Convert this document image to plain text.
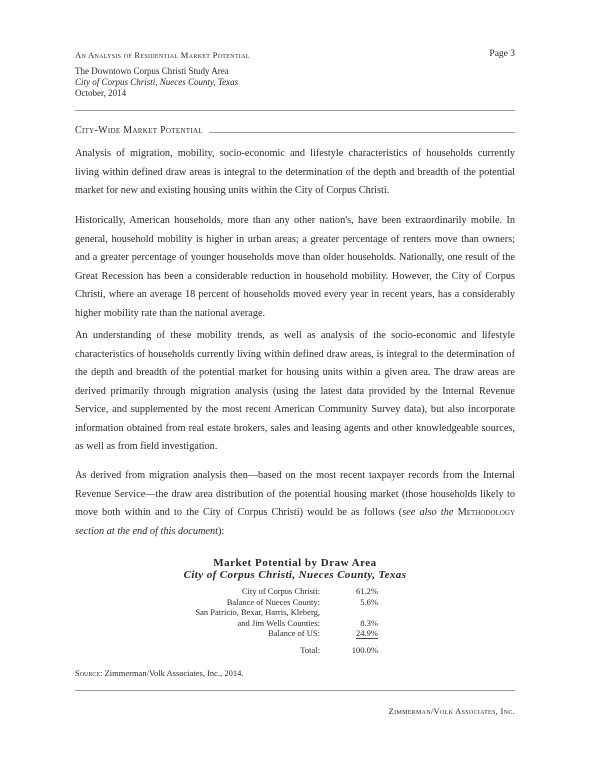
An Analysis of Residential Market Potential	Page 3
The Downtown Corpus Christi Study Area
City of Corpus Christi, Nueces County, Texas
October, 2014
City-Wide Market Potential
Analysis of migration, mobility, socio-economic and lifestyle characteristics of households currently living within defined draw areas is integral to the determination of the depth and breadth of the potential market for new and existing housing units within the City of Corpus Christi.
Historically, American households, more than any other nation's, have been extraordinarily mobile. In general, household mobility is higher in urban areas; a greater percentage of renters move than owners; and a greater percentage of younger households move than older households. Nationally, one result of the Great Recession has been a considerable reduction in household mobility. However, the City of Corpus Christi, where an average 18 percent of households moved every year in recent years, has a considerably higher mobility rate than the national average.
An understanding of these mobility trends, as well as analysis of the socio-economic and lifestyle characteristics of households currently living within defined draw areas, is integral to the determination of the depth and breadth of the potential market for housing units within a given area. The draw areas are derived primarily through migration analysis (using the latest data provided by the Internal Revenue Service, and supplemented by the most recent American Community Survey data), but also incorporate information obtained from real estate brokers, sales and leasing agents and other knowledgeable sources, as well as from field investigation.
As derived from migration analysis then—based on the most recent taxpayer records from the Internal Revenue Service—the draw area distribution of the potential housing market (those households likely to move both within and to the City of Corpus Christi) would be as follows (see also the Methodology section at the end of this document):
Market Potential by Draw Area
City of Corpus Christi, Nueces County, Texas
City of Corpus Christi:	61.2%
Balance of Nueces County:	5.6%
San Patricio, Bexar, Harris, Kleberg,
and Jim Wells Counties:	8.3%
Balance of US:	24.9%
Total:	100.0%
Source: Zimmerman/Volk Associates, Inc., 2014.
Zimmerman/Volk Associates, Inc.
